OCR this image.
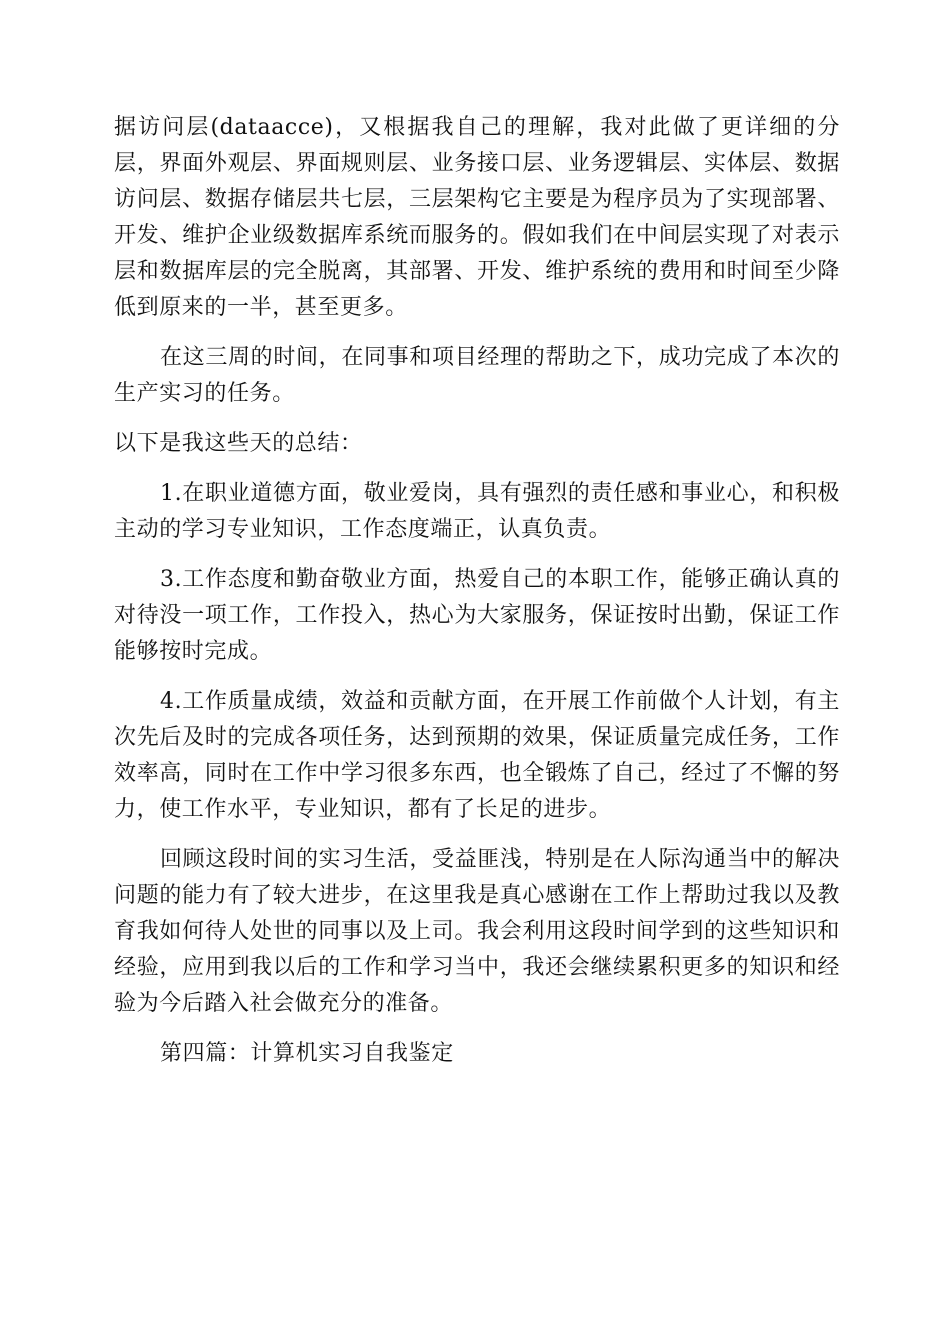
据访问层(dataacce)，又根据我自己的理解，我对此做了更详细的分层，界面外观层、界面规则层、业务接口层、业务逻辑层、实体层、数据访问层、数据存储层共七层，三层架构它主要是为程序员为了实现部署、开发、维护企业级数据库系统而服务的。假如我们在中间层实现了对表示层和数据库层的完全脱离，其部署、开发、维护系统的费用和时间至少降低到原来的一半，甚至更多。

在这三周的时间，在同事和项目经理的帮助之下，成功完成了本次的生产实习的任务。

以下是我这些天的总结：

1.在职业道德方面，敬业爱岗，具有强烈的责任感和事业心，和积极主动的学习专业知识，工作态度端正，认真负责。

3.工作态度和勤奋敬业方面，热爱自己的本职工作，能够正确认真的对待没一项工作，工作投入，热心为大家服务，保证按时出勤，保证工作能够按时完成。

4.工作质量成绩，效益和贡献方面，在开展工作前做个人计划，有主次先后及时的完成各项任务，达到预期的效果，保证质量完成任务，工作效率高，同时在工作中学习很多东西，也全锻炼了自己，经过了不懈的努力，使工作水平，专业知识，都有了长足的进步。

回顾这段时间的实习生活，受益匪浅，特别是在人际沟通当中的解决问题的能力有了较大进步，在这里我是真心感谢在工作上帮助过我以及教育我如何待人处世的同事以及上司。我会利用这段时间学到的这些知识和经验，应用到我以后的工作和学习当中，我还会继续累积更多的知识和经验为今后踏入社会做充分的准备。

第四篇：计算机实习自我鉴定
